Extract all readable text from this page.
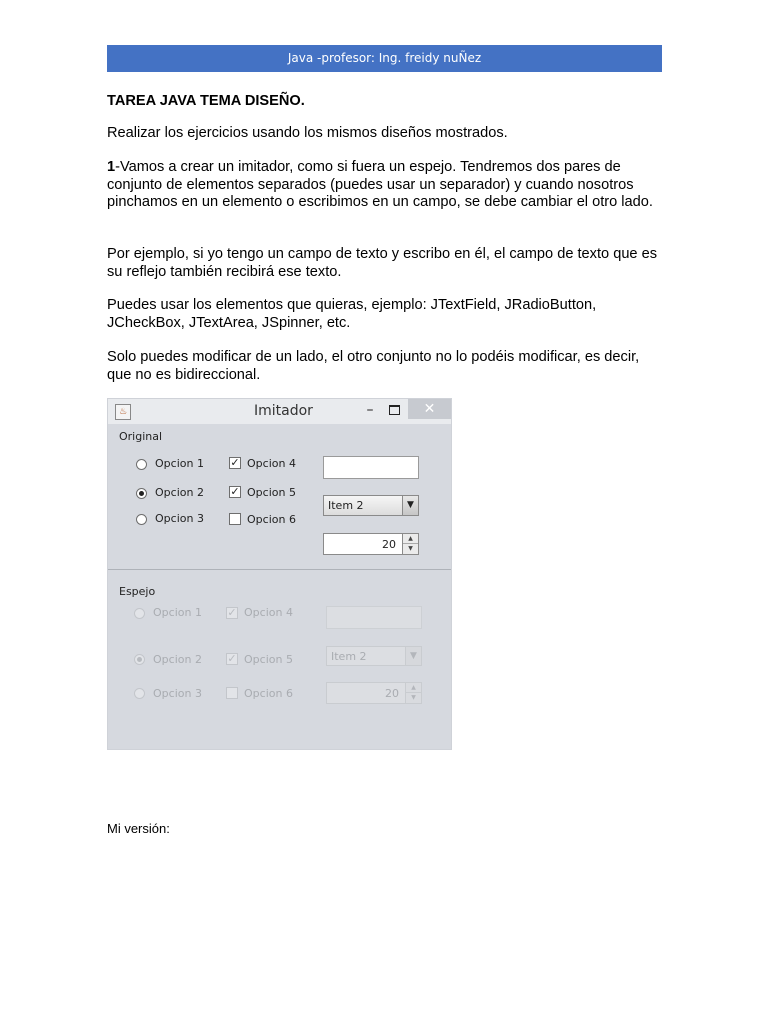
Java -profesor: Ing. freidy nuÑez

TAREA JAVA TEMA DISEÑO.

Realizar los ejercicios usando los mismos diseños mostrados.

1-Vamos a crear un imitador, como si fuera un espejo. Tendremos dos pares de conjunto de elementos separados (puedes usar un separador) y cuando nosotros pinchamos en un elemento o escribimos en un campo, se debe cambiar el otro lado.

Por ejemplo, si yo tengo un campo de texto y escribo en él, el campo de texto que es su reflejo también recibirá ese texto.

Puedes usar los elementos que quieras, ejemplo: JTextField, JRadioButton, JCheckBox, JTextArea, JSpinner, etc.

Solo puedes modificar de un lado, el otro conjunto no lo podéis modificar, es decir, que no es bidireccional.

♨	Imitador	–	✕
Original
Opcion 1
Opcion 2
Opcion 3
✓ Opcion 4
✓ Opcion 5
Opcion 6
Item 2	▼
20	▲
▼
Espejo
Opcion 1
Opcion 2
Opcion 3
✓ Opcion 4
✓ Opcion 5
Opcion 6
Item 2	▼
20	▲
▼

Mi versión:
